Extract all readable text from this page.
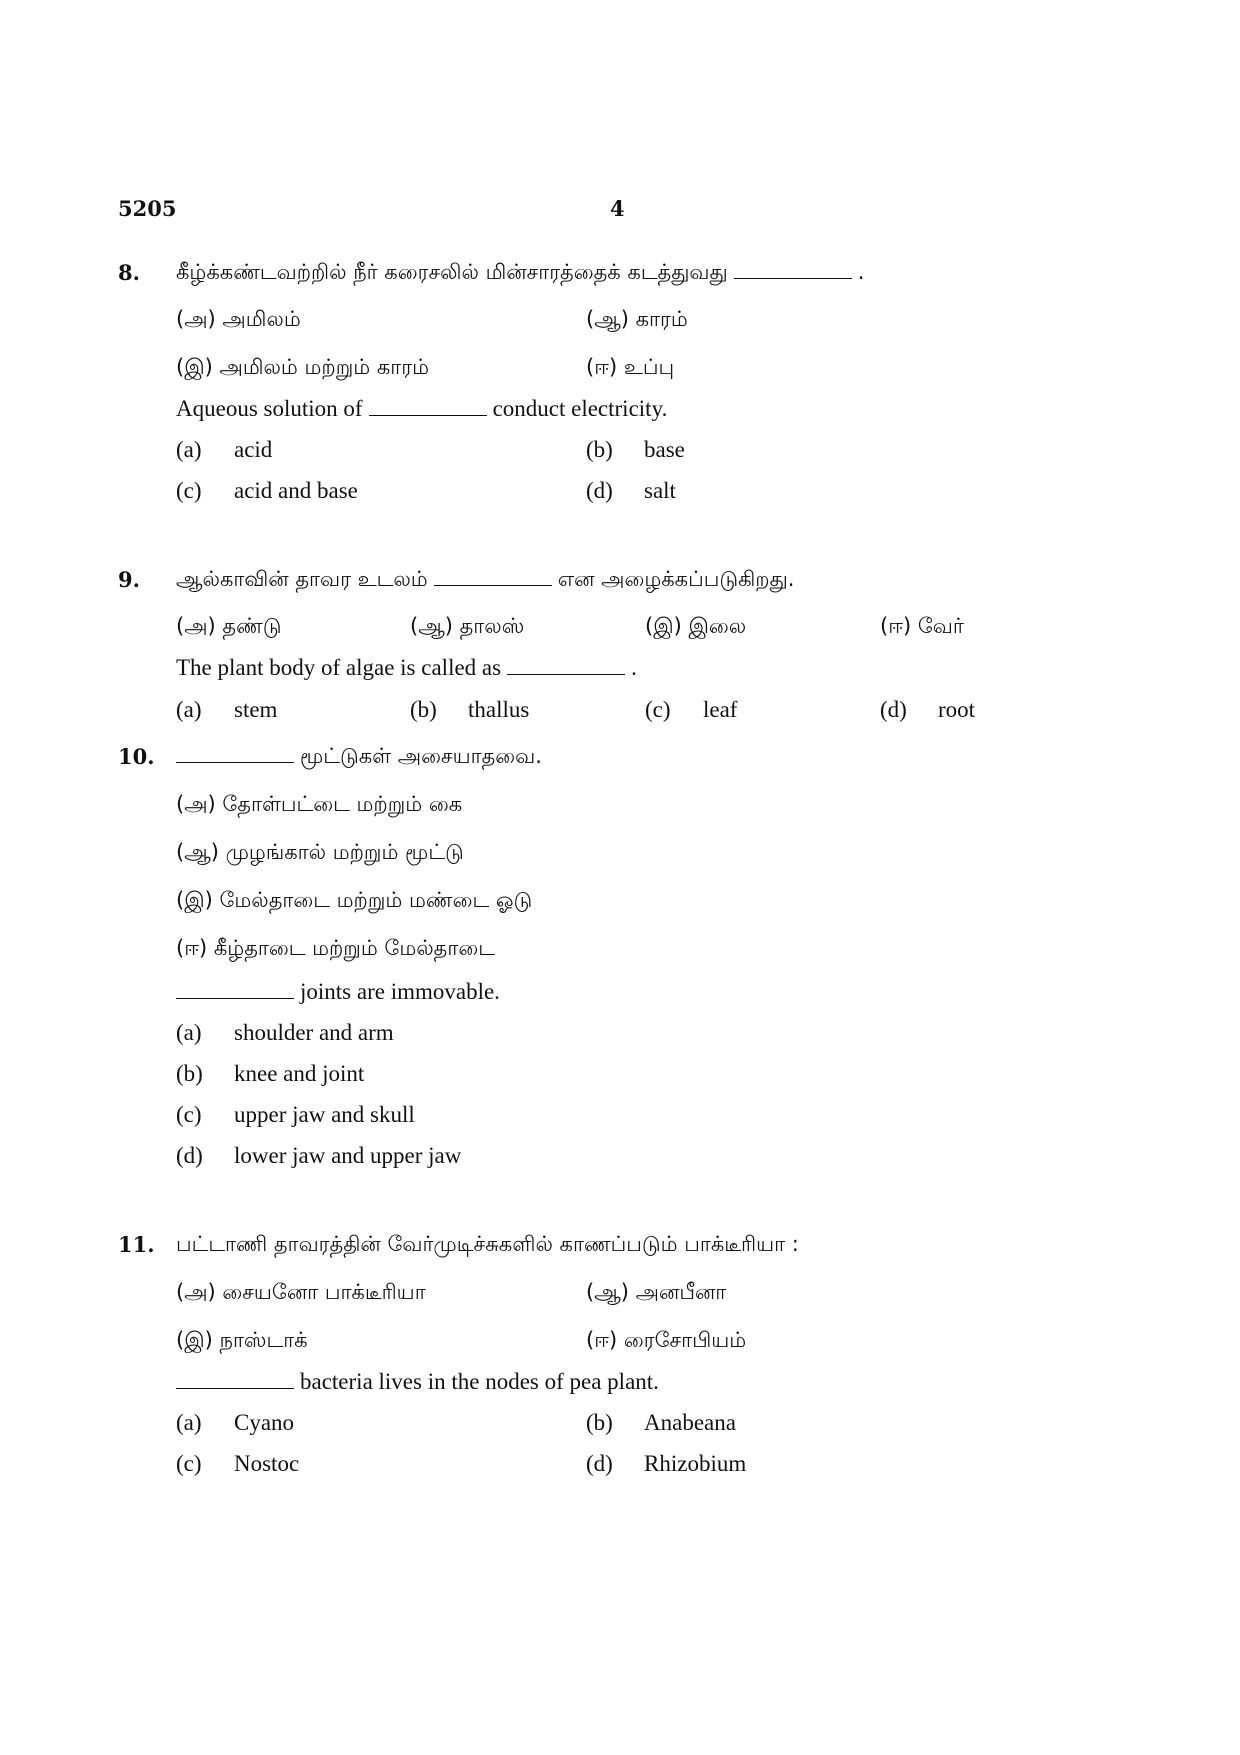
5205	4
8. கீழ்க்கண்டவற்றில் நீர் கரைசலில் மின்சாரத்தைக் கடத்துவது	.
(அ) அமிலம்	(ஆ) காரம்
(இ) அமிலம் மற்றும் காரம்	(ஈ) உப்பு
Aqueous solution of	conduct electricity.
(a) acid	(b) base
(c) acid and base	(d) salt
9. ஆல்காவின் தாவர உடலம்	என அழைக்கப்படுகிறது.
(அ) தண்டு	(ஆ) தாலஸ்	(இ) இலை	(ஈ) வேர்
The plant body of algae is called as	.
(a) stem	(b) thallus	(c) leaf	(d) root
10.	மூட்டுகள் அசையாதவை.
(அ) தோள்பட்டை மற்றும் கை
(ஆ) முழங்கால் மற்றும் மூட்டு
(இ) மேல்தாடை மற்றும் மண்டை ஓடு
(ஈ) கீழ்தாடை மற்றும் மேல்தாடை
joints are immovable.
(a) shoulder and arm
(b) knee and joint
(c) upper jaw and skull
(d) lower jaw and upper jaw
11. பட்டாணி தாவரத்தின் வேர்முடிச்சுகளில் காணப்படும் பாக்டீரியா :
(அ) சையனோ பாக்டீரியா	(ஆ) அனபீனா
(இ) நாஸ்டாக்	(ஈ) ரைசோபியம்
bacteria lives in the nodes of pea plant.
(a) Cyano	(b) Anabeana
(c) Nostoc	(d) Rhizobium
